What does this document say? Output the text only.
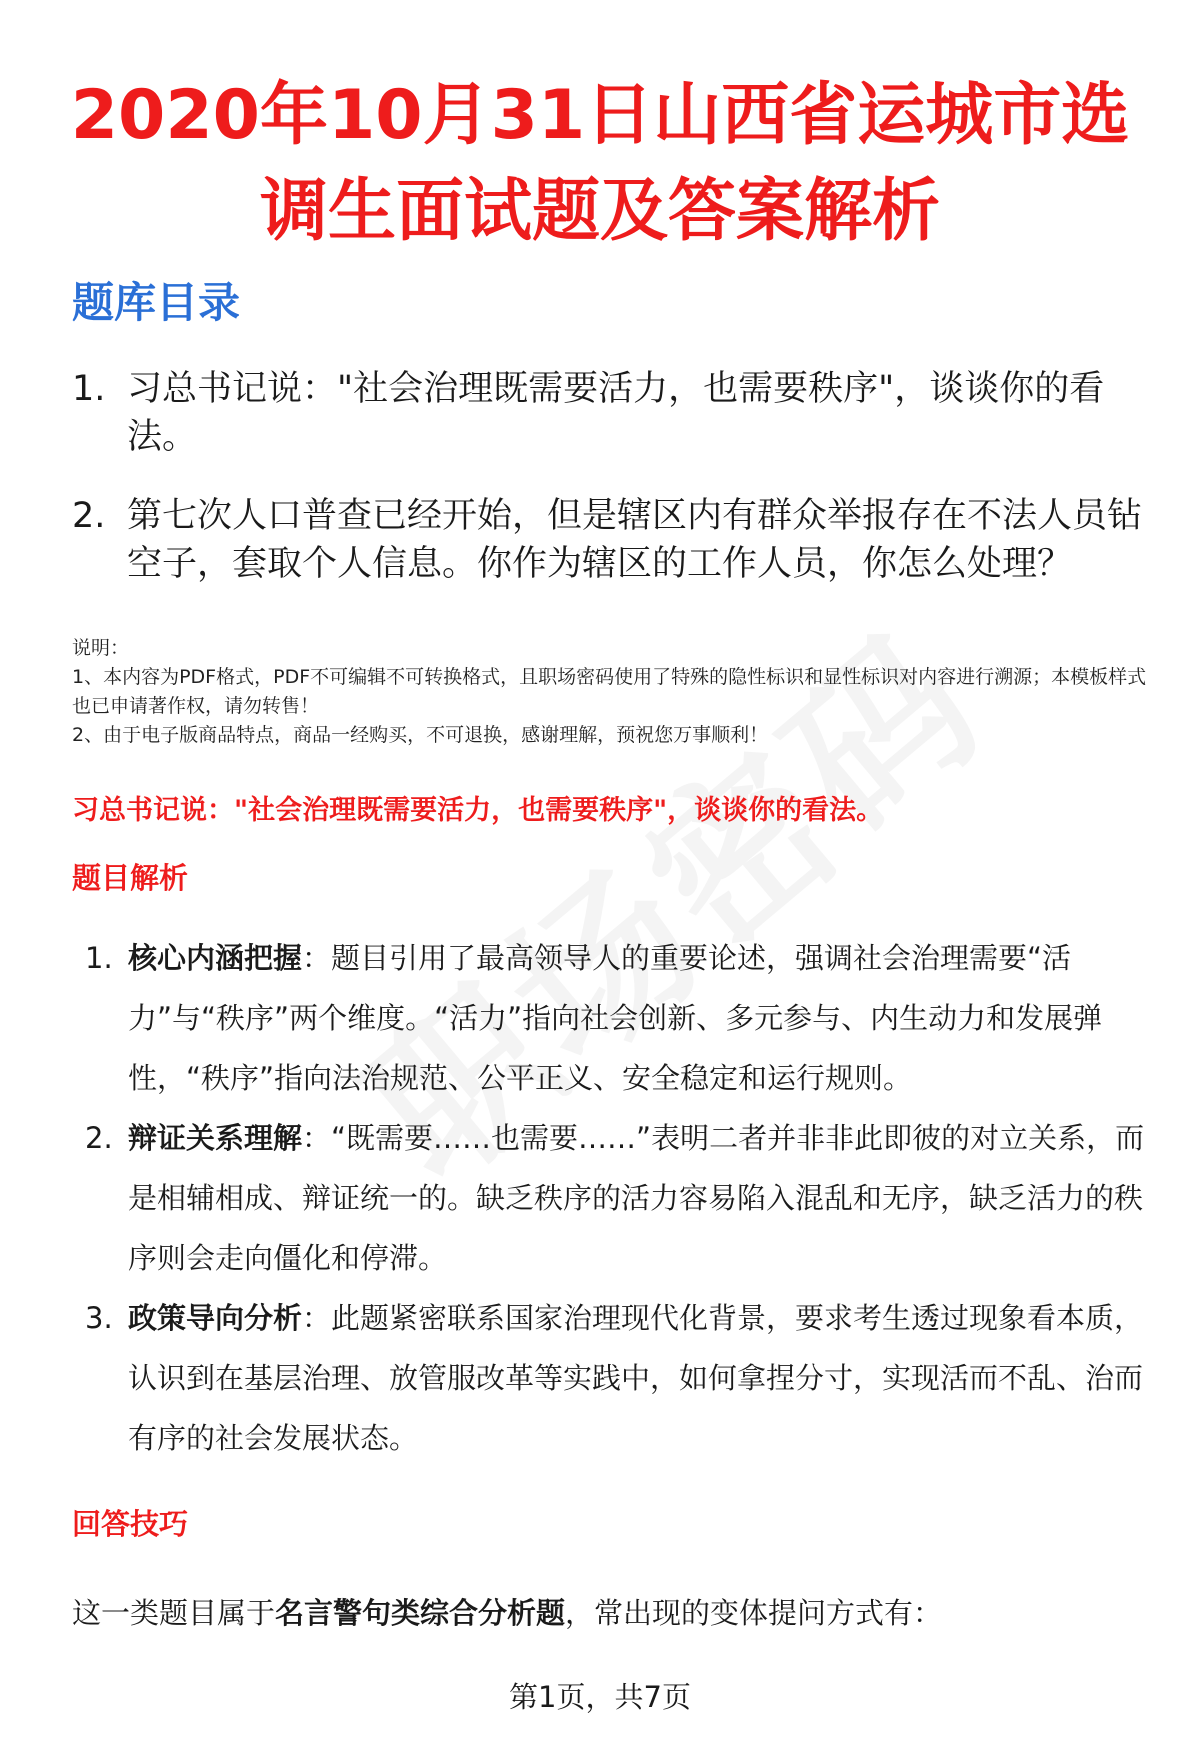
2020年10月31日山西省运城市选
调生面试题及答案解析
题库目录
1. 习总书记说："社会治理既需要活力，也需要秩序"，谈谈你的看法。
2. 第七次人口普查已经开始，但是辖区内有群众举报存在不法人员钻空子，套取个人信息。你作为辖区的工作人员，你怎么处理？
说明：
1、本内容为PDF格式，PDF不可编辑不可转换格式，且职场密码使用了特殊的隐性标识和显性标识对内容进行溯源；本模板样式也已申请著作权，请勿转售！
2、由于电子版商品特点，商品一经购买，不可退换，感谢理解，预祝您万事顺利！
习总书记说："社会治理既需要活力，也需要秩序"，谈谈你的看法。
题目解析
1. 核心内涵把握：题目引用了最高领导人的重要论述，强调社会治理需要“活力”与“秩序”两个维度。“活力”指向社会创新、多元参与、内生动力和发展弹性，“秩序”指向法治规范、公平正义、安全稳定和运行规则。
2. 辩证关系理解：“既需要……也需要……”表明二者并非非此即彼的对立关系，而是相辅相成、辩证统一的。缺乏秩序的活力容易陷入混乱和无序，缺乏活力的秩序则会走向僵化和停滞。
3. 政策导向分析：此题紧密联系国家治理现代化背景，要求考生透过现象看本质，认识到在基层治理、放管服改革等实践中，如何拿捏分寸，实现活而不乱、治而有序的社会发展状态。
回答技巧
这一类题目属于名言警句类综合分析题，常出现的变体提问方式有：
第1页，共7页
